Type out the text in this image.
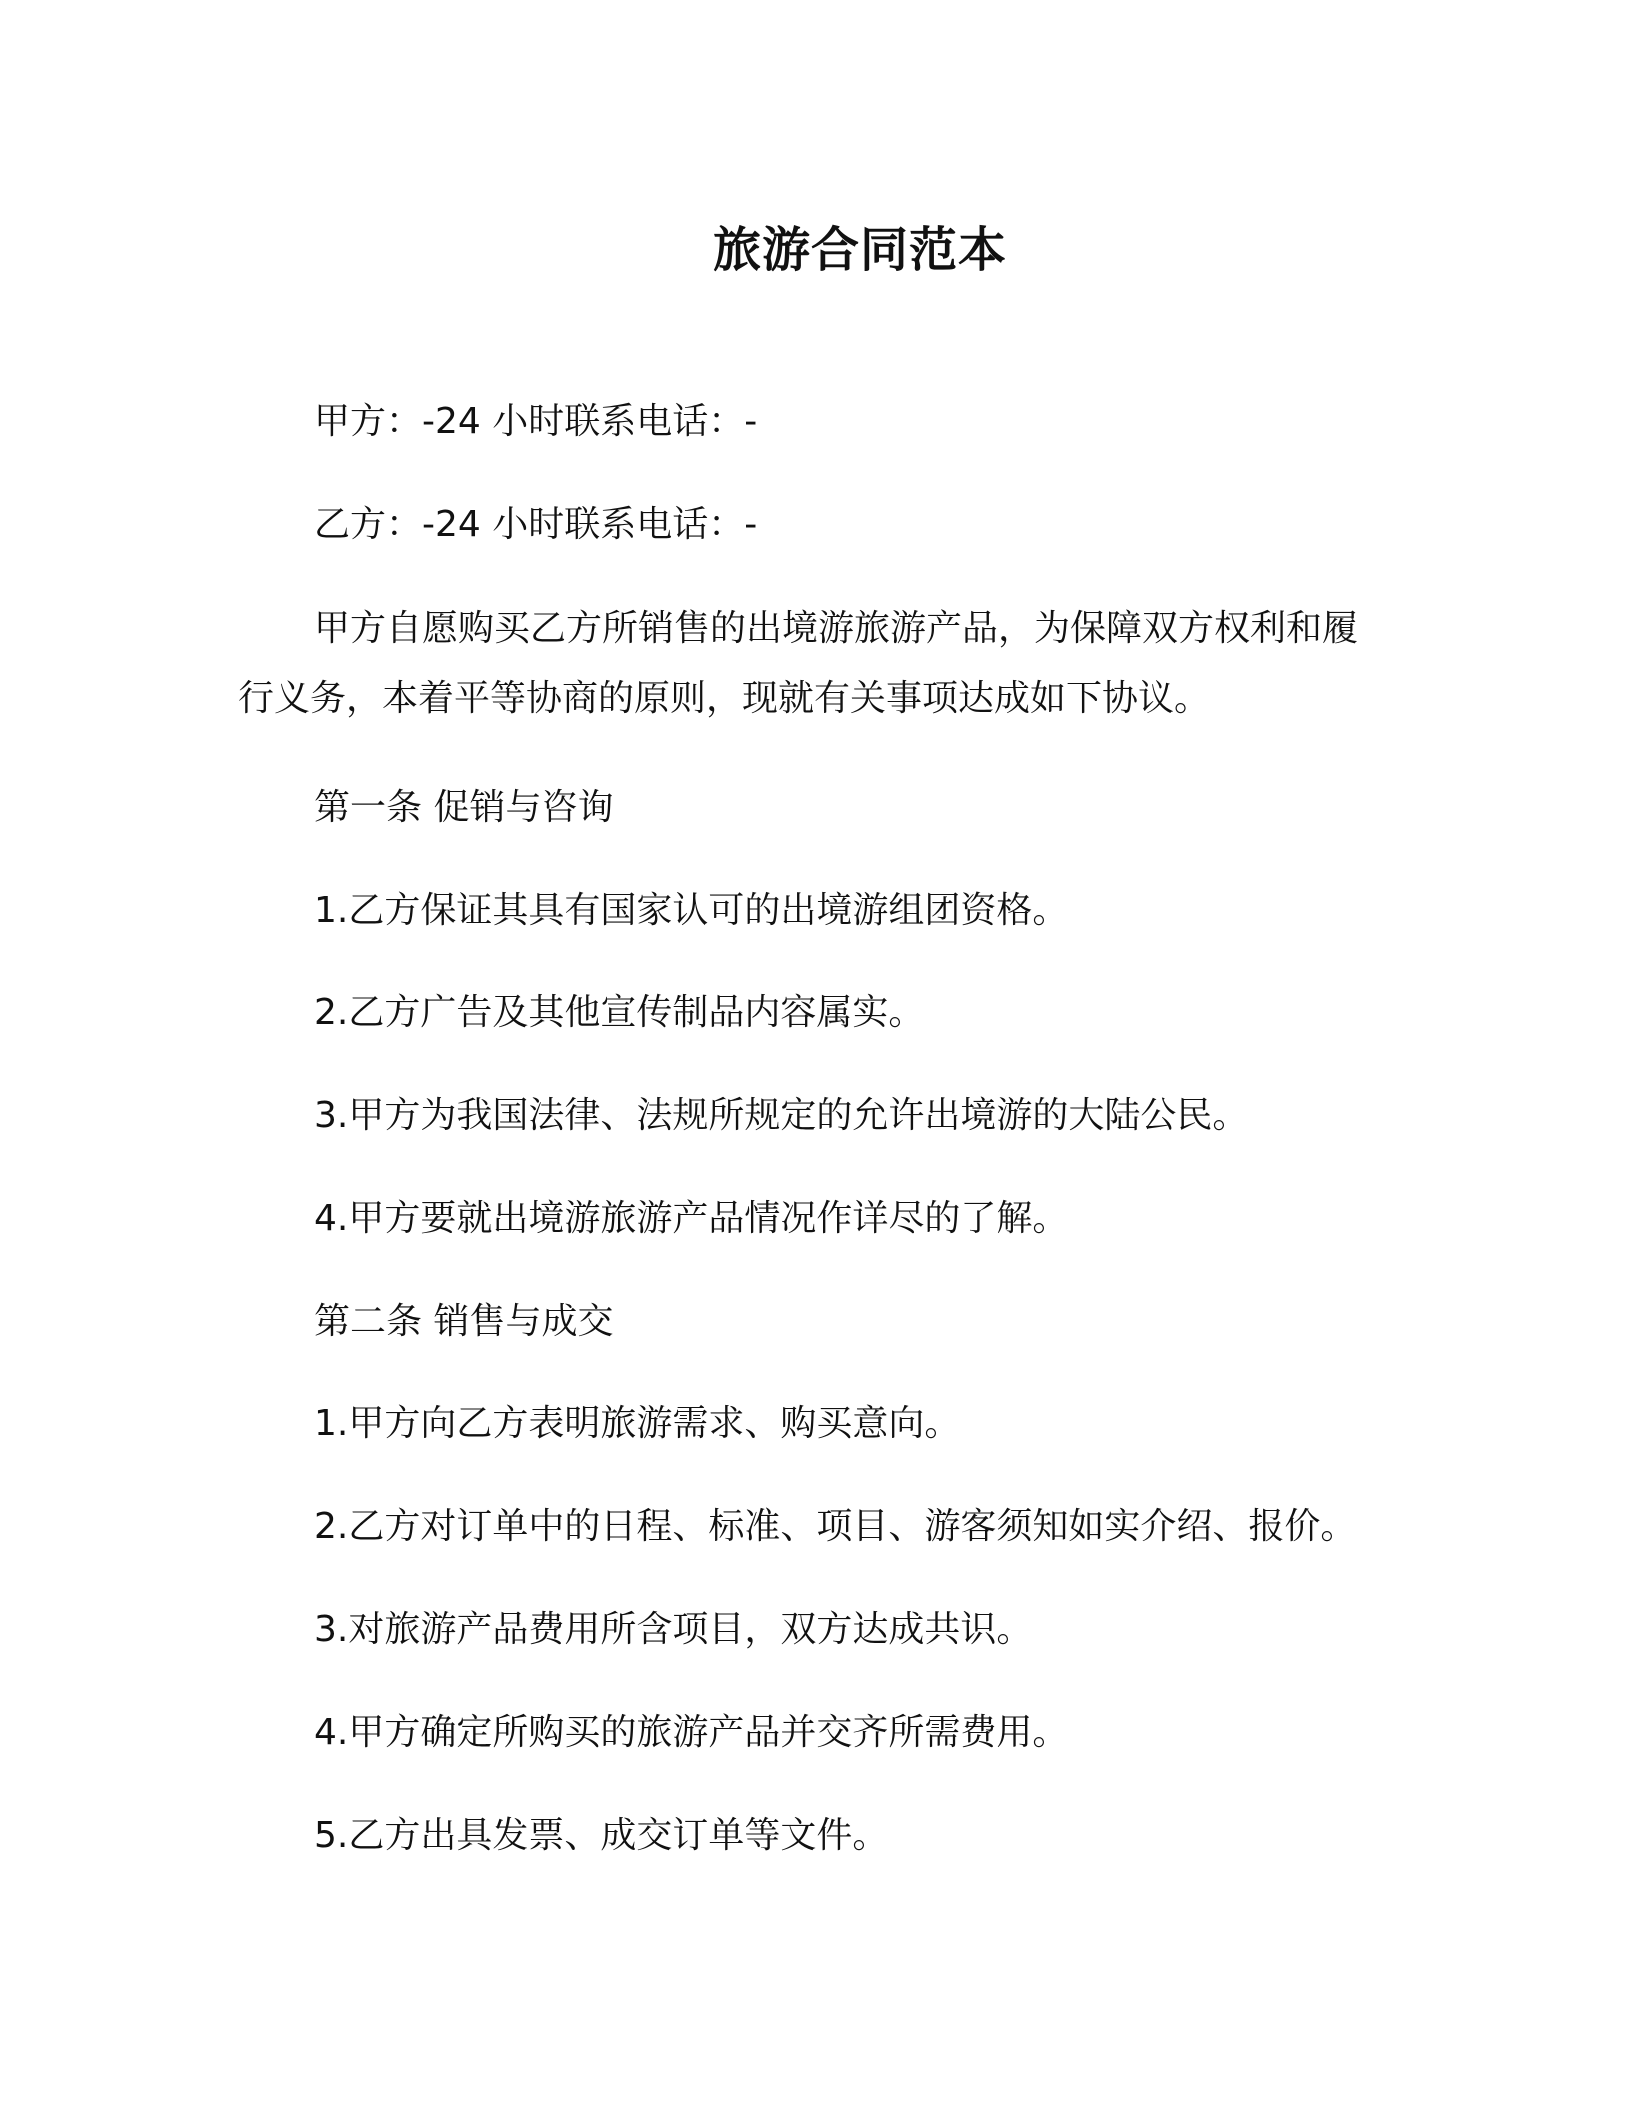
旅游合同范本
甲方：-24 小时联系电话：-
乙方：-24 小时联系电话：-
甲方自愿购买乙方所销售的出境游旅游产品，为保障双方权利和履行义务，本着平等协商的原则，现就有关事项达成如下协议。
第一条 促销与咨询
1.乙方保证其具有国家认可的出境游组团资格。
2.乙方广告及其他宣传制品内容属实。
3.甲方为我国法律、法规所规定的允许出境游的大陆公民。
4.甲方要就出境游旅游产品情况作详尽的了解。
第二条 销售与成交
1.甲方向乙方表明旅游需求、购买意向。
2.乙方对订单中的日程、标准、项目、游客须知如实介绍、报价。
3.对旅游产品费用所含项目，双方达成共识。
4.甲方确定所购买的旅游产品并交齐所需费用。
5.乙方出具发票、成交订单等文件。
